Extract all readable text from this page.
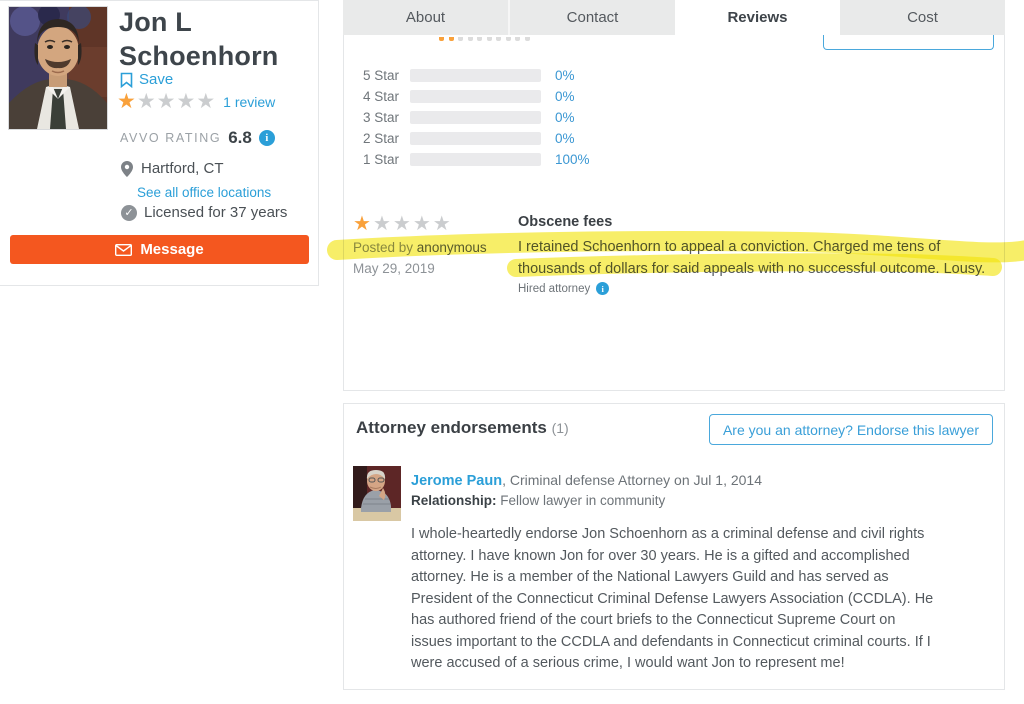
Jon L Schoenhorn
Save
★★★★★ 1 review
AVVO RATING 6.8	i
Hartford, CT
See all office locations
✓ Licensed for 37 years
Message
About	Contact	Reviews	Cost
5 Star	0%
4 Star	0%
3 Star	0%
2 Star	0%
1 Star	100%
★★★★★
Posted by anonymous
May 29, 2019
Obscene fees
I retained Schoenhorn to appeal a conviction. Charged me tens of thousands of dollars for said appeals with no successful outcome. Lousy.
Hired attorney	i
Attorney endorsements (1)	Are you an attorney? Endorse this lawyer
Jerome Paun, Criminal defense Attorney on Jul 1, 2014
Relationship: Fellow lawyer in community
I whole-heartedly endorse Jon Schoenhorn as a criminal defense and civil rights attorney. I have known Jon for over 30 years. He is a gifted and accomplished attorney. He is a member of the National Lawyers Guild and has served as President of the Connecticut Criminal Defense Lawyers Association (CCDLA). He has authored friend of the court briefs to the Connecticut Supreme Court on issues important to the CCDLA and defendants in Connecticut criminal courts. If I were accused of a serious crime, I would want Jon to represent me!
